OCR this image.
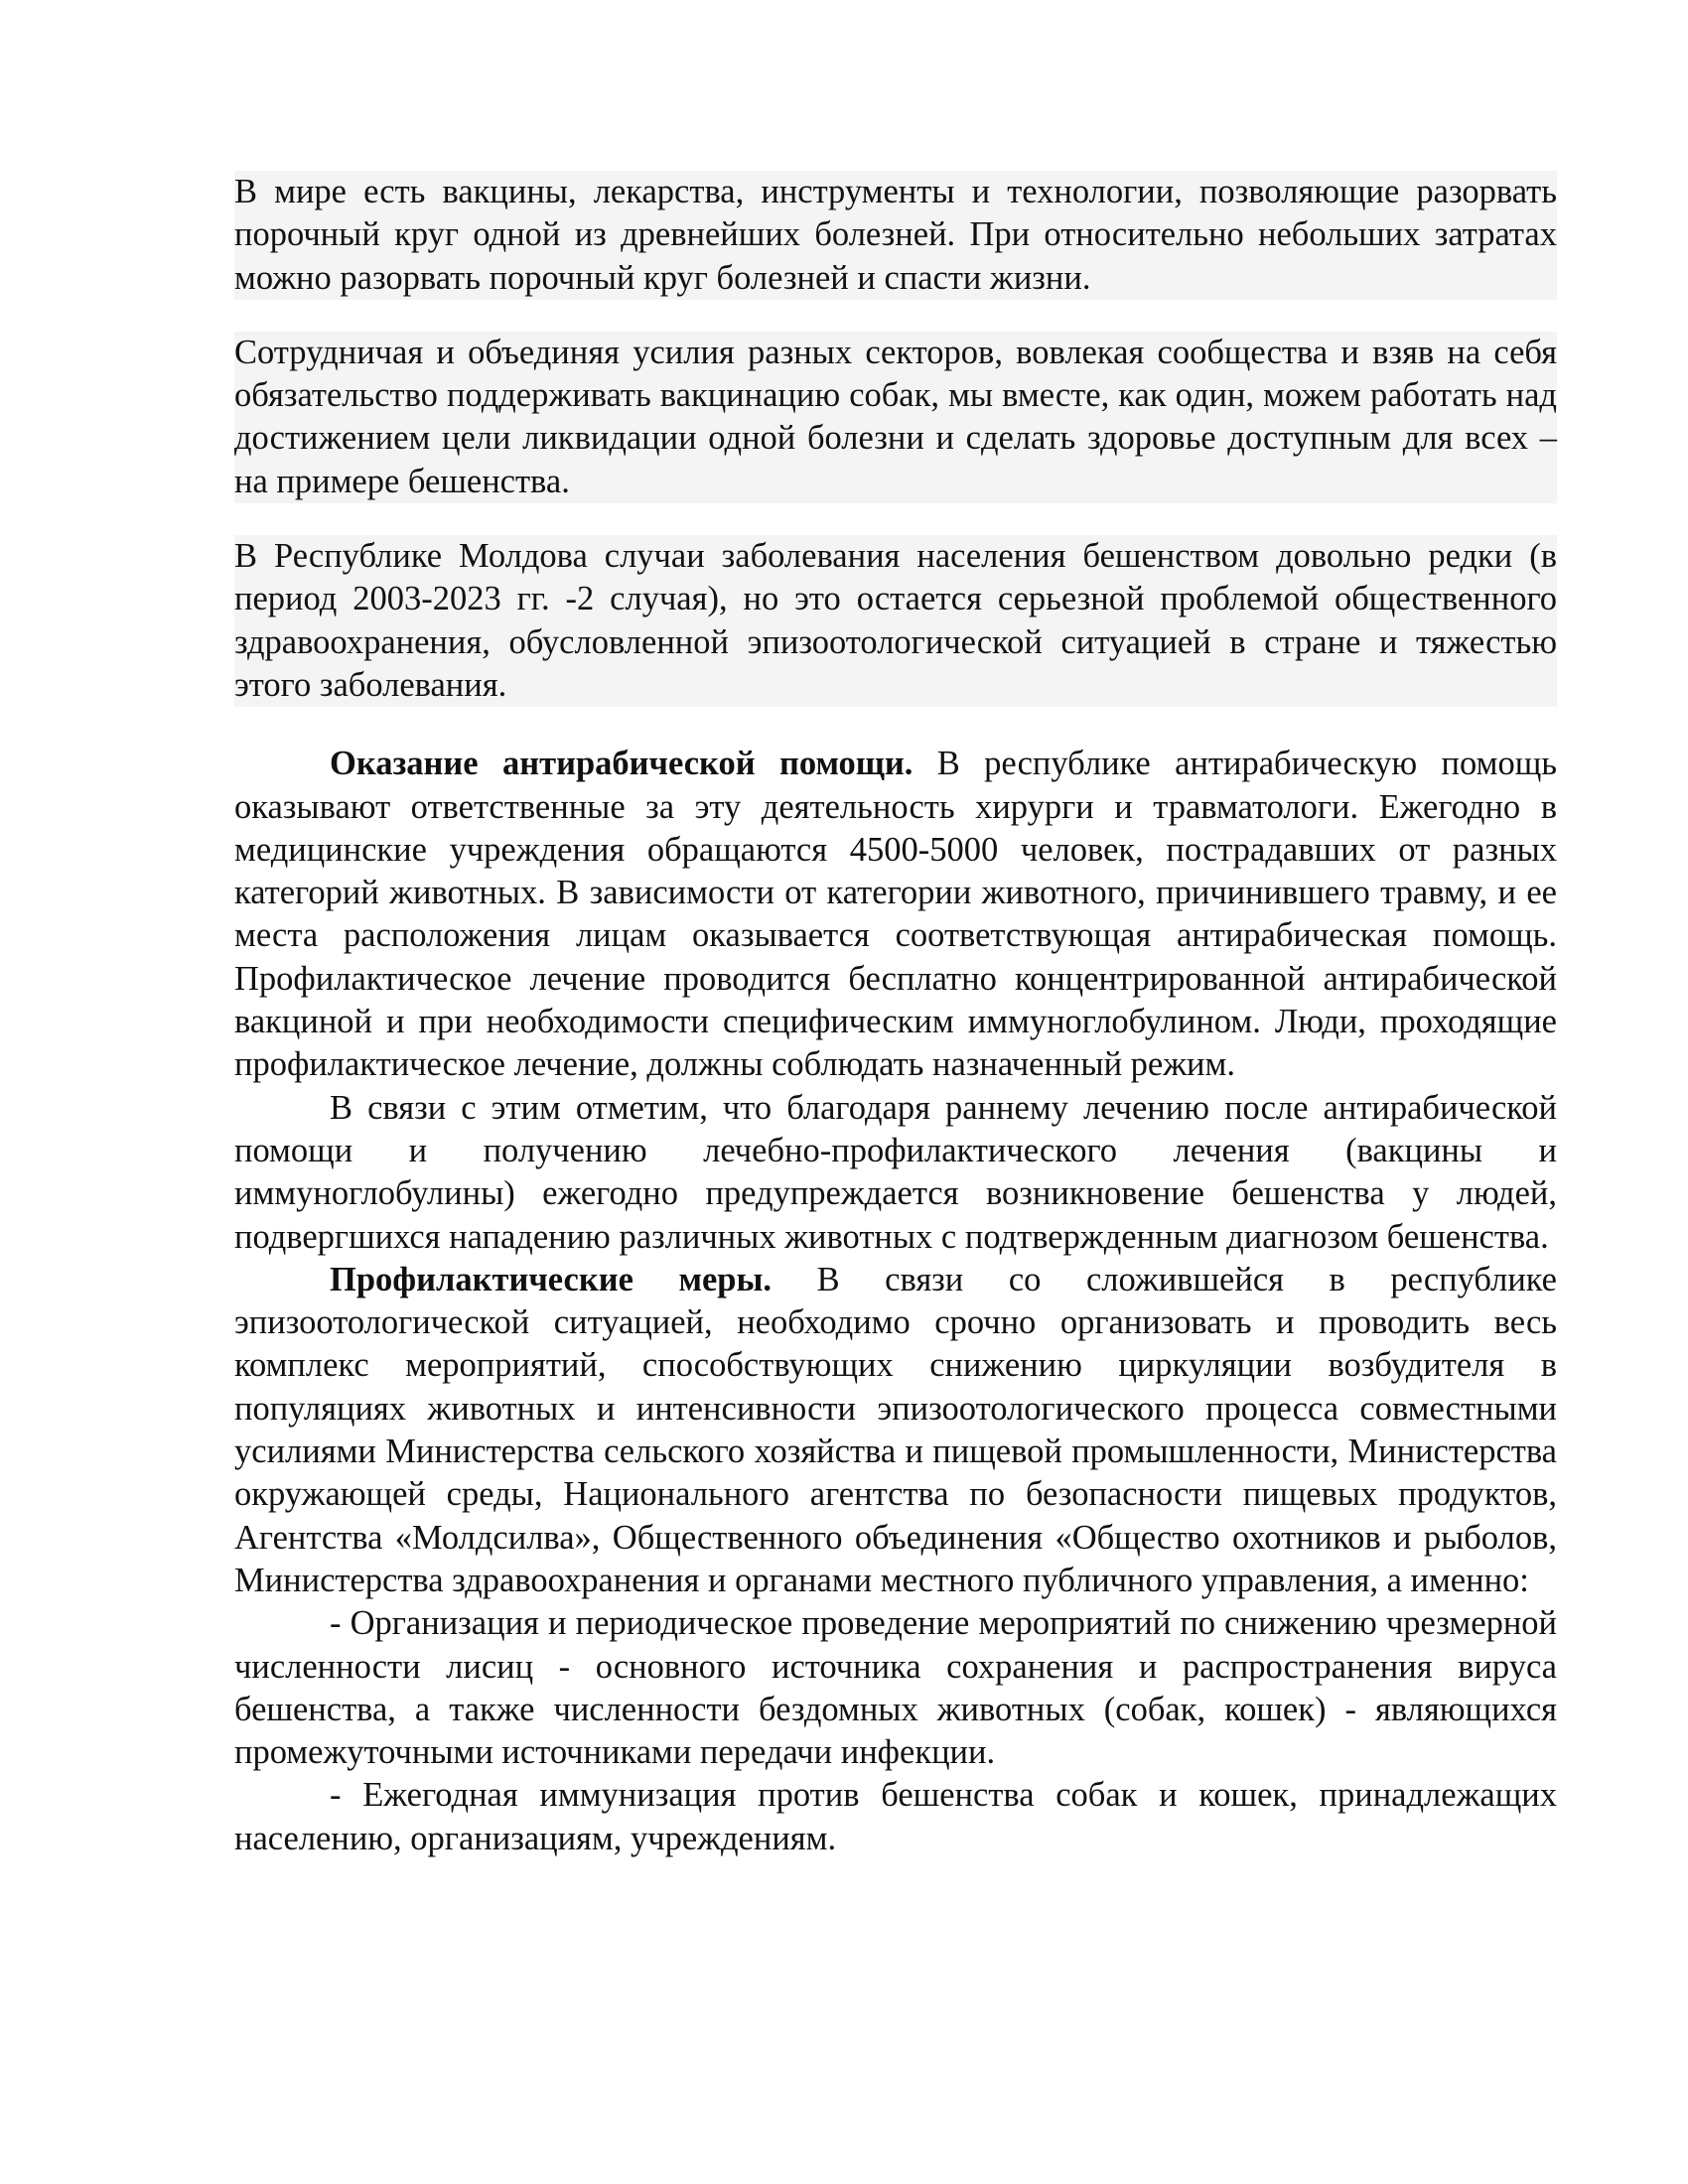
В мире есть вакцины, лекарства, инструменты и технологии, позволяющие разорвать порочный круг одной из древнейших болезней. При относительно небольших затратах можно разорвать порочный круг болезней и спасти жизни.

Сотрудничая и объединяя усилия разных секторов, вовлекая сообщества и взяв на себя обязательство поддерживать вакцинацию собак, мы вместе, как один, можем работать над достижением цели ликвидации одной болезни и сделать здоровье доступным для всех – на примере бешенства.

В Республике Молдова случаи заболевания населения бешенством довольно редки (в период 2003-2023 гг. -2 случая), но это остается серьезной проблемой общественного здравоохранения, обусловленной эпизоотологической ситуацией в стране и тяжестью этого заболевания.

Оказание антирабической помощи. В республике антирабическую помощь оказывают ответственные за эту деятельность хирурги и травматологи. Ежегодно в медицинские учреждения обращаются 4500-5000 человек, пострадавших от разных категорий животных. В зависимости от категории животного, причинившего травму, и ее места расположения лицам оказывается соответствующая антирабическая помощь. Профилактическое лечение проводится бесплатно концентрированной антирабической вакциной и при необходимости специфическим иммуноглобулином. Люди, проходящие профилактическое лечение, должны соблюдать назначенный режим.

В связи с этим отметим, что благодаря раннему лечению после антирабической помощи и получению лечебно-профилактического лечения (вакцины и иммуноглобулины) ежегодно предупреждается возникновение бешенства у людей, подвергшихся нападению различных животных с подтвержденным диагнозом бешенства.

Профилактические меры. В связи со сложившейся в республике эпизоотологической ситуацией, необходимо срочно организовать и проводить весь комплекс мероприятий, способствующих снижению циркуляции возбудителя в популяциях животных и интенсивности эпизоотологического процесса совместными усилиями Министерства сельского хозяйства и пищевой промышленности, Министерства окружающей среды, Национального агентства по безопасности пищевых продуктов, Агентства «Молдсилва», Общественного объединения «Общество охотников и рыболов, Министерства здравоохранения и органами местного публичного управления, а именно:

- Организация и периодическое проведение мероприятий по снижению чрезмерной численности лисиц - основного источника сохранения и распространения вируса бешенства, а также численности бездомных животных (собак, кошек) - являющихся промежуточными источниками передачи инфекции.

- Ежегодная иммунизация против бешенства собак и кошек, принадлежащих населению, организациям, учреждениям.
